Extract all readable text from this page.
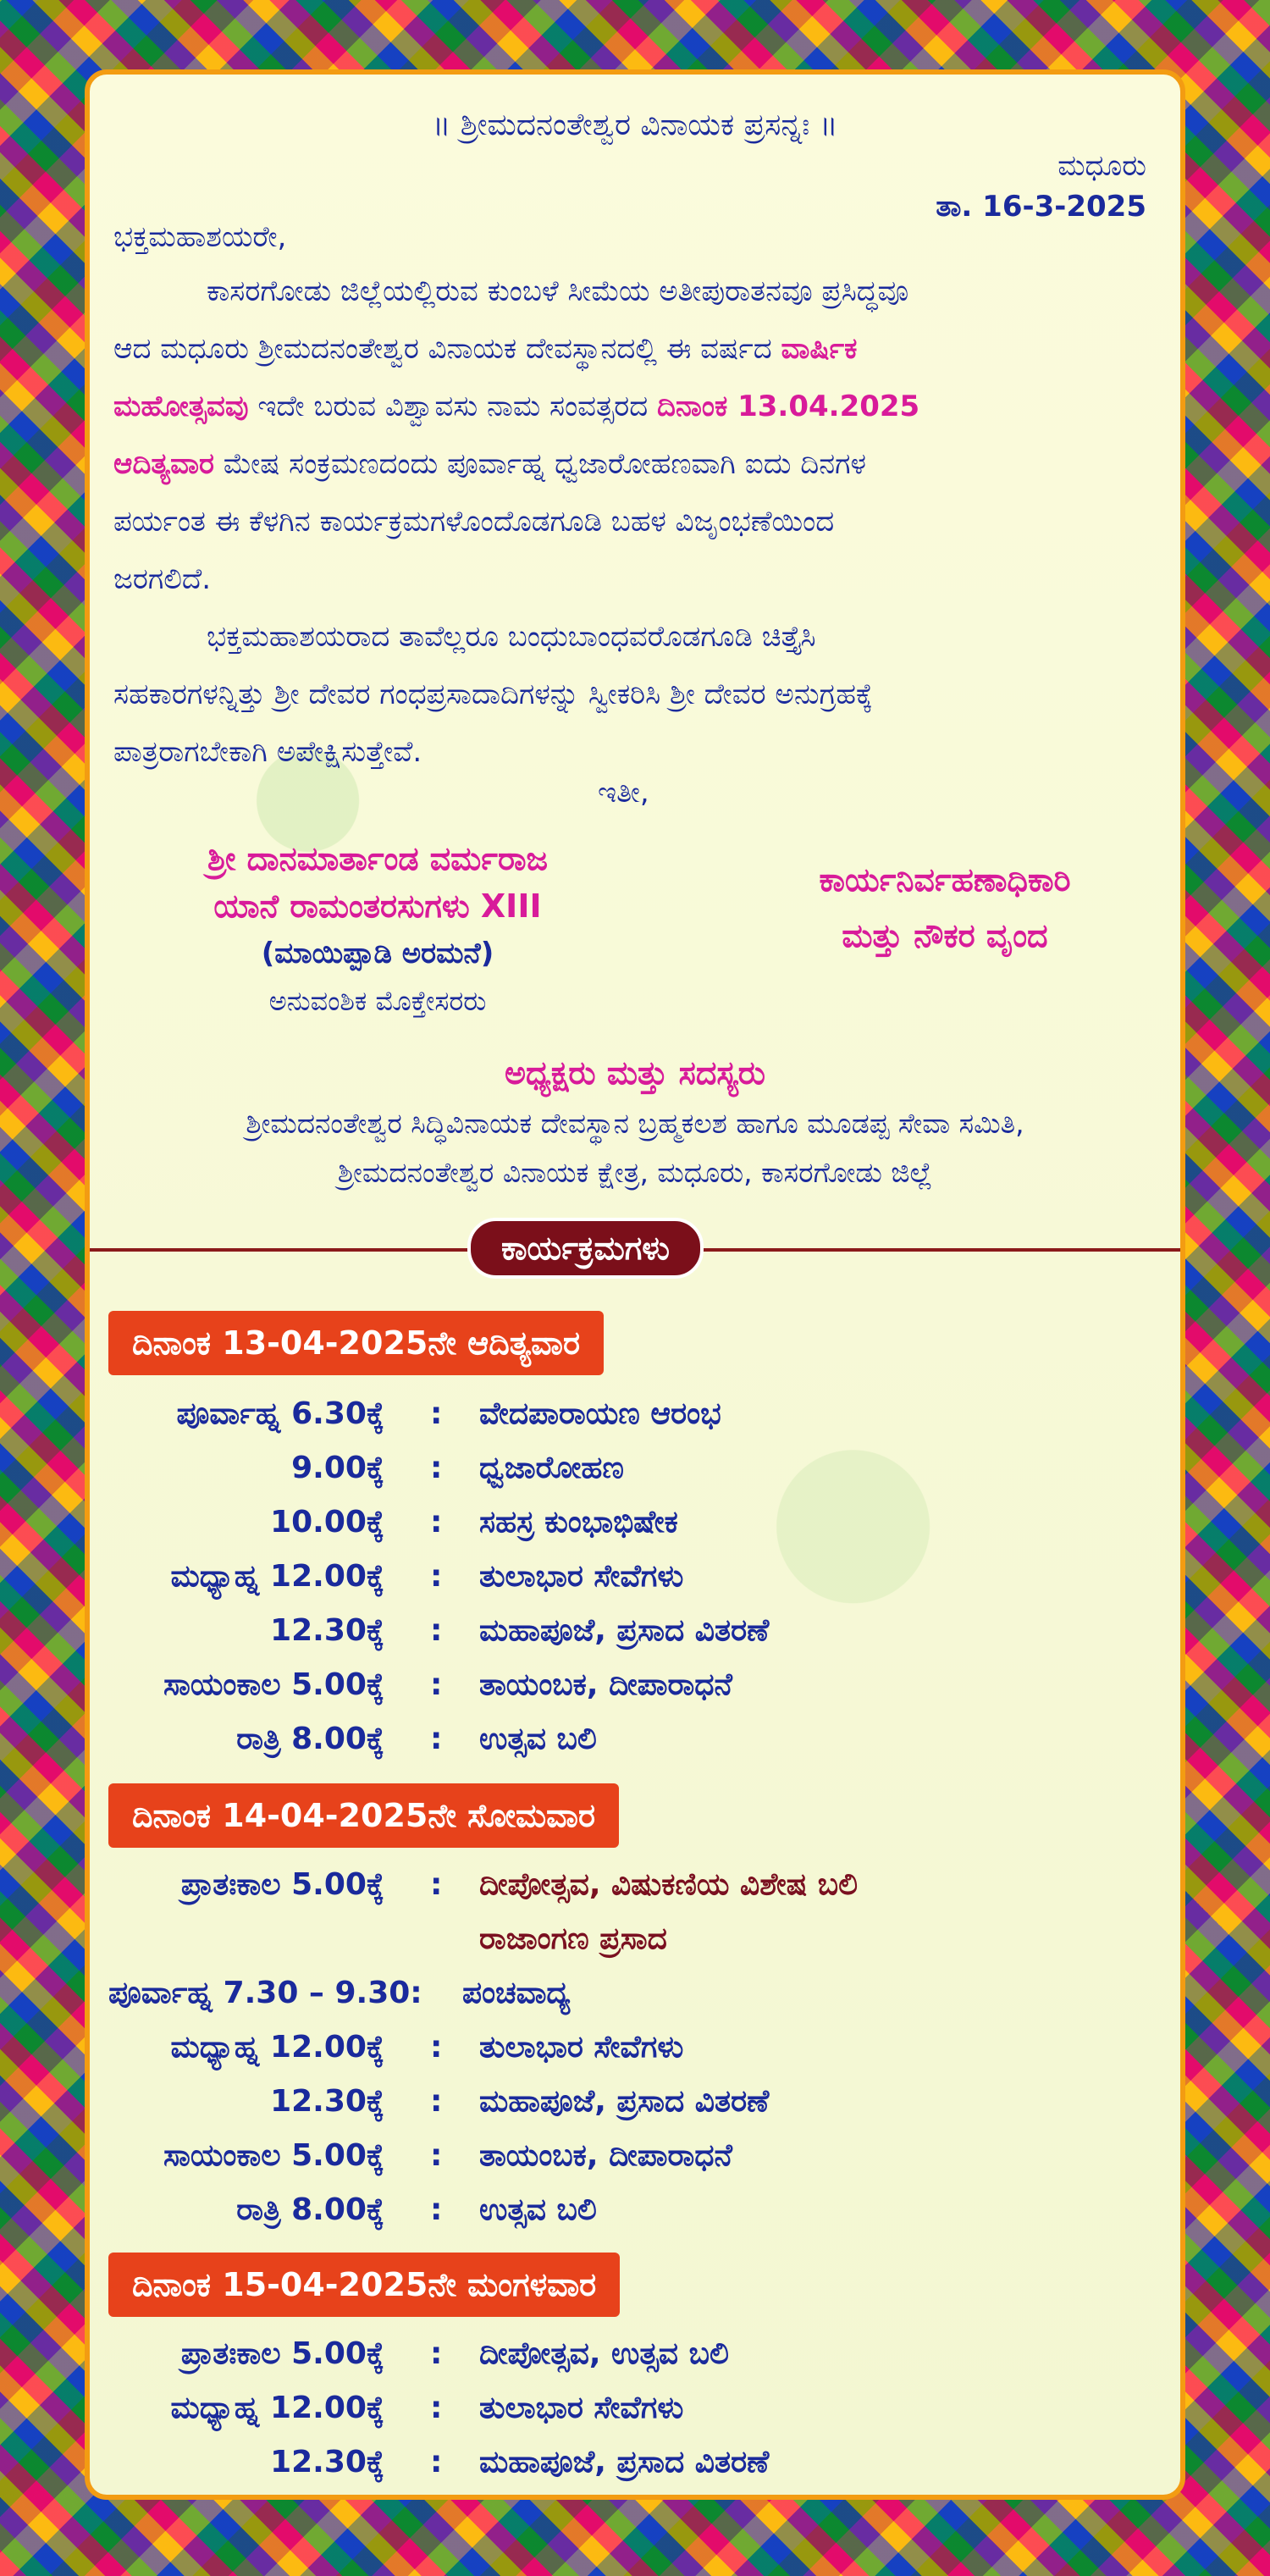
॥ ಶ್ರೀಮದನಂತೇಶ್ವರ ವಿನಾಯಕ ಪ್ರಸನ್ನಃ ॥
ಮಧೂರು
ತಾ. 16-3-2025
ಭಕ್ತಮಹಾಶಯರೇ,
ಕಾಸರಗೋಡು ಜಿಲ್ಲೆಯಲ್ಲಿರುವ ಕುಂಬಳೆ ಸೀಮೆಯ ಅತೀಪುರಾತನವೂ ಪ್ರಸಿದ್ಧವೂ
ಆದ ಮಧೂರು ಶ್ರೀಮದನಂತೇಶ್ವರ ವಿನಾಯಕ ದೇವಸ್ಥಾನದಲ್ಲಿ ಈ ವರ್ಷದ ವಾರ್ಷಿಕ
ಮಹೋತ್ಸವವು ಇದೇ ಬರುವ ವಿಶ್ವಾವಸು ನಾಮ ಸಂವತ್ಸರದ ದಿನಾಂಕ 13.04.2025
ಆದಿತ್ಯವಾರ ಮೇಷ ಸಂಕ್ರಮಣದಂದು ಪೂರ್ವಾಹ್ನ ಧ್ವಜಾರೋಹಣವಾಗಿ ಐದು ದಿನಗಳ
ಪರ್ಯಂತ ಈ ಕೆಳಗಿನ ಕಾರ್ಯಕ್ರಮಗಳೊಂದೊಡಗೂಡಿ ಬಹಳ ವಿಜೃಂಭಣೆಯಿಂದ
ಜರಗಲಿದೆ.
ಭಕ್ತಮಹಾಶಯರಾದ ತಾವೆಲ್ಲರೂ ಬಂಧುಬಾಂಧವರೊಡಗೂಡಿ ಚಿತ್ತೈಸಿ
ಸಹಕಾರಗಳನ್ನಿತ್ತು ಶ್ರೀ ದೇವರ ಗಂಧಪ್ರಸಾದಾದಿಗಳನ್ನು ಸ್ವೀಕರಿಸಿ ಶ್ರೀ ದೇವರ ಅನುಗ್ರಹಕ್ಕೆ
ಪಾತ್ರರಾಗಬೇಕಾಗಿ ಅಪೇಕ್ಷಿಸುತ್ತೇವೆ.
ಇತೀ,
ಶ್ರೀ ದಾನಮಾರ್ತಾಂಡ ವರ್ಮರಾಜ
ಯಾನೆ ರಾಮಂತರಸುಗಳು XIII
(ಮಾಯಿಪ್ಪಾಡಿ ಅರಮನೆ)
ಅನುವಂಶಿಕ ಮೊಕ್ತೇಸರರು
ಕಾರ್ಯನಿರ್ವಹಣಾಧಿಕಾರಿ
ಮತ್ತು ನೌಕರ ವೃಂದ
ಅಧ್ಯಕ್ಷರು ಮತ್ತು ಸದಸ್ಯರು
ಶ್ರೀಮದನಂತೇಶ್ವರ ಸಿದ್ಧಿವಿನಾಯಕ ದೇವಸ್ಥಾನ ಬ್ರಹ್ಮಕಲಶ ಹಾಗೂ ಮೂಡಪ್ಪ ಸೇವಾ ಸಮಿತಿ,
ಶ್ರೀಮದನಂತೇಶ್ವರ ವಿನಾಯಕ ಕ್ಷೇತ್ರ, ಮಧೂರು, ಕಾಸರಗೋಡು ಜಿಲ್ಲೆ
ಕಾರ್ಯಕ್ರಮಗಳು
ದಿನಾಂಕ 13-04-2025ನೇ ಆದಿತ್ಯವಾರ
ಪೂರ್ವಾಹ್ನ 6.30ಕ್ಕೆ : ವೇದಪಾರಾಯಣ ಆರಂಭ
9.00ಕ್ಕೆ : ಧ್ವಜಾರೋಹಣ
10.00ಕ್ಕೆ : ಸಹಸ್ರ ಕುಂಭಾಭಿಷೇಕ
ಮಧ್ಯಾಹ್ನ 12.00ಕ್ಕೆ : ತುಲಾಭಾರ ಸೇವೆಗಳು
12.30ಕ್ಕೆ : ಮಹಾಪೂಜೆ, ಪ್ರಸಾದ ವಿತರಣೆ
ಸಾಯಂಕಾಲ 5.00ಕ್ಕೆ : ತಾಯಂಬಕ, ದೀಪಾರಾಧನೆ
ರಾತ್ರಿ 8.00ಕ್ಕೆ : ಉತ್ಸವ ಬಲಿ
ದಿನಾಂಕ 14-04-2025ನೇ ಸೋಮವಾರ
ಪ್ರಾತಃಕಾಲ 5.00ಕ್ಕೆ : ದೀಪೋತ್ಸವ, ವಿಷುಕಣಿಯ ವಿಶೇಷ ಬಲಿ
ರಾಜಾಂಗಣ ಪ್ರಸಾದ
ಪೂರ್ವಾಹ್ನ 7.30 – 9.30: ಪಂಚವಾದ್ಯ
ಮಧ್ಯಾಹ್ನ 12.00ಕ್ಕೆ : ತುಲಾಭಾರ ಸೇವೆಗಳು
12.30ಕ್ಕೆ : ಮಹಾಪೂಜೆ, ಪ್ರಸಾದ ವಿತರಣೆ
ಸಾಯಂಕಾಲ 5.00ಕ್ಕೆ : ತಾಯಂಬಕ, ದೀಪಾರಾಧನೆ
ರಾತ್ರಿ 8.00ಕ್ಕೆ : ಉತ್ಸವ ಬಲಿ
ದಿನಾಂಕ 15-04-2025ನೇ ಮಂಗಳವಾರ
ಪ್ರಾತಃಕಾಲ 5.00ಕ್ಕೆ : ದೀಪೋತ್ಸವ, ಉತ್ಸವ ಬಲಿ
ಮಧ್ಯಾಹ್ನ 12.00ಕ್ಕೆ : ತುಲಾಭಾರ ಸೇವೆಗಳು
12.30ಕ್ಕೆ : ಮಹಾಪೂಜೆ, ಪ್ರಸಾದ ವಿತರಣೆ
